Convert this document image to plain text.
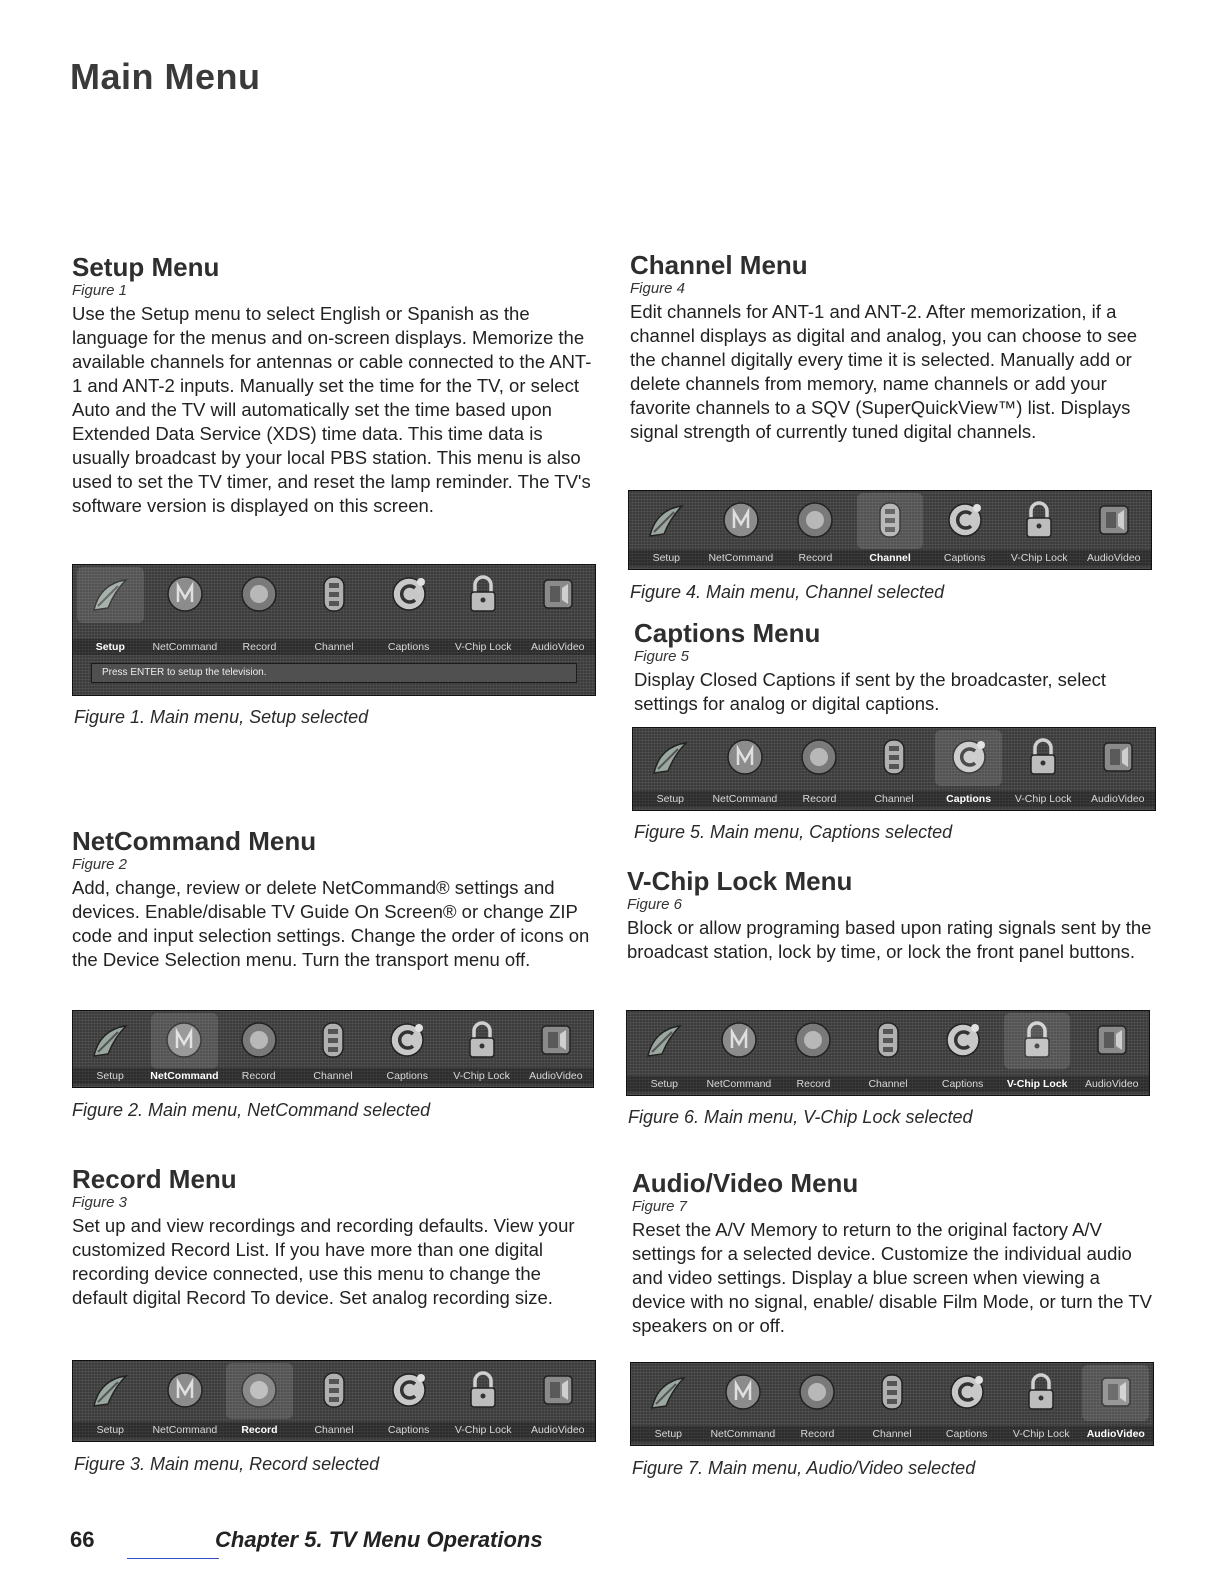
Main Menu
Setup Menu

Figure 1

Use the Setup menu to select English or Spanish as the language for the menus and on-screen displays. Memorize the available channels for antennas or cable connected to the ANT-1 and ANT-2 inputs. Manually set the time for the TV, or select Auto and the TV will automatically set the time based upon Extended Data Service (XDS) time data. This time data is usually broadcast by your local PBS station. This menu is also used to set the TV timer, and reset the lamp reminder. The TV's software version is displayed on this screen.

Setup	NetCommand	Record	Channel	Captions	V-Chip Lock	AudioVideo
Press ENTER to setup the television.

Figure 1. Main menu, Setup selected

NetCommand Menu

Figure 2

Add, change, review or delete NetCommand® settings and devices. Enable/disable TV Guide On Screen® or change ZIP code and input selection settings. Change the order of icons on the Device Selection menu. Turn the transport menu off.

Setup	NetCommand	Record	Channel	Captions	V-Chip Lock	AudioVideo

Figure 2. Main menu, NetCommand selected

Record Menu

Figure 3

Set up and view recordings and recording defaults. View your customized Record List. If you have more than one digital recording device connected, use this menu to change the default digital Record To device. Set analog recording size.

Setup	NetCommand	Record	Channel	Captions	V-Chip Lock	AudioVideo

Figure 3. Main menu, Record selected

Channel Menu

Figure 4

Edit channels for ANT-1 and ANT-2. After memorization, if a channel displays as digital and analog, you can choose to see the channel digitally every time it is selected. Manually add or delete channels from memory, name channels or add your favorite channels to a SQV (SuperQuickView™) list. Displays signal strength of currently tuned digital channels.

Setup	NetCommand	Record	Channel	Captions	V-Chip Lock	AudioVideo

Figure 4. Main menu, Channel selected

Captions Menu

Figure 5

Display Closed Captions if sent by the broadcaster, select settings for analog or digital captions.

Setup	NetCommand	Record	Channel	Captions	V-Chip Lock	AudioVideo

Figure 5. Main menu, Captions selected

V-Chip Lock Menu

Figure 6

Block or allow programing based upon rating signals sent by the broadcast station, lock by time, or lock the front panel buttons.

Setup	NetCommand	Record	Channel	Captions	V-Chip Lock	AudioVideo

Figure 6. Main menu, V-Chip Lock selected

Audio/Video Menu

Figure 7

Reset the A/V Memory to return to the original factory A/V settings for a selected device. Customize the individual audio and video settings. Display a blue screen when viewing a device with no signal, enable/ disable Film Mode, or turn the TV speakers on or off.

Setup	NetCommand	Record	Channel	Captions	V-Chip Lock	AudioVideo

Figure 7. Main menu, Audio/Video selected

66	Chapter 5. TV Menu Operations
